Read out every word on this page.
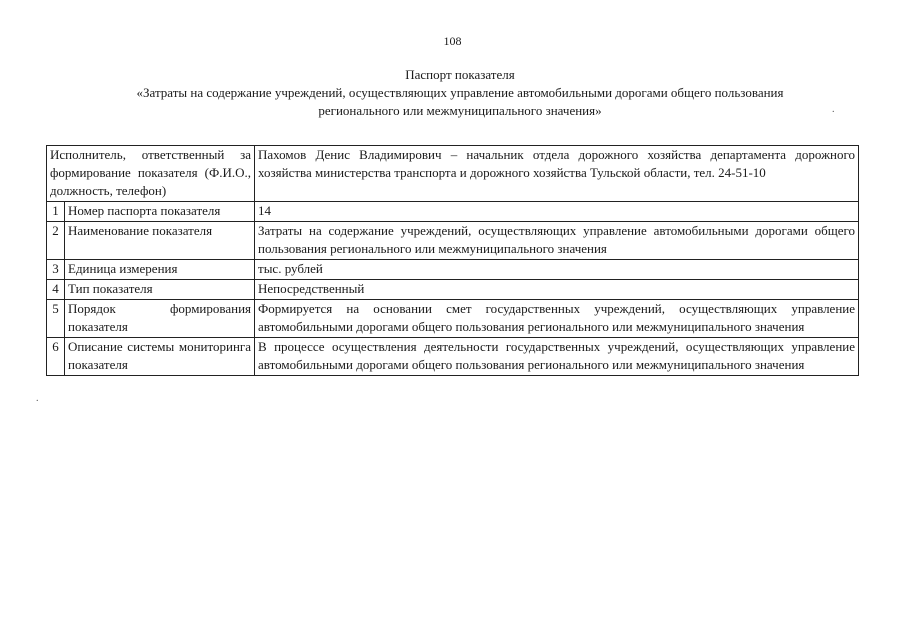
108
Паспорт показателя
«Затраты на содержание учреждений, осуществляющих управление автомобильными дорогами общего пользования
регионального или межмуниципального значения»
Исполнитель, ответственный за формирование показателя (Ф.И.О., должность, телефон)		Пахомов Денис Владимирович – начальник отдела дорожного хозяйства департамента дорожного хозяйства министерства транспорта и дорожного хозяйства Тульской области, тел. 24-51-10
1	Номер паспорта показателя	14
2	Наименование показателя	Затраты на содержание учреждений, осуществляющих управление автомобильными дорогами общего пользования регионального или межмуниципального значения
3	Единица измерения	тыс. рублей
4	Тип показателя	Непосредственный
5	Порядок формирования показателя	Формируется на основании смет государственных учреждений, осуществляющих управление автомобильными дорогами общего пользования регионального или межмуниципального значения
6	Описание системы мониторинга показателя	В процессе осуществления деятельности государственных учреждений, осуществляющих управление автомобильными дорогами общего пользования регионального или межмуниципального значения
.
.
